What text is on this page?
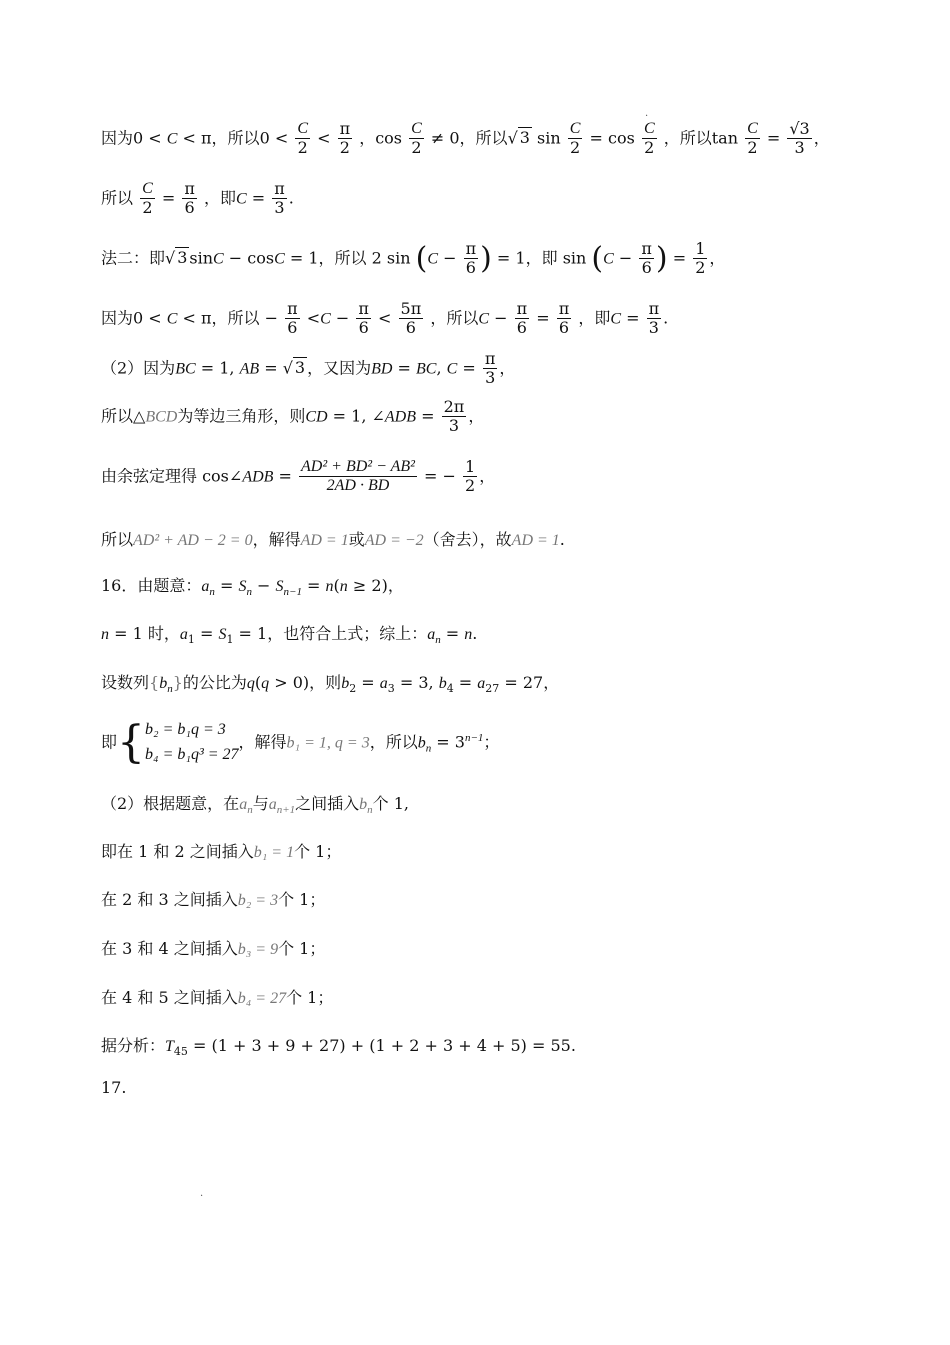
.
因为0 < C < π，所以$0 < \frac{C}{2} < \frac{\pi}{2}$ ，$\cos \frac{C}{2} \ne 0$，所以√ 3 $\sin \frac{C}{2} = \cos \frac{C}{2}$ ，所以$\tan \frac{C}{2} = \frac{√3}{3}$ ，
所以 $\frac{C}{2} = \frac{\pi}{6}$ ，即$C = \frac{\pi}{3}$ .
法二：即√ 3 sinC − cosC = 1，所以 2 $\sin (C - \frac{\pi}{6}$ ) = 1，即 $\sin (C - \frac{\pi}{6}$ ) = $\frac{1}{2}$ ，
因为0 < C < π，所以 − $\frac{\pi}{6} <C - \frac{\pi}{6} < \frac{5\pi}{6}$ ，所以$C - \frac{\pi}{6} = \frac{\pi}{6}$ ，即$C = \frac{\pi}{3}$ .
（2）因为BC = 1, AB = √ 3 ，又因为BD = BC, $C = \frac{\pi}{3}$ ，
所以△BCD为等边三角形，则CD = 1, ∠ADB = $\frac{2\pi}{3}$ ，
由余弦定理得 cos∠ADB = $\frac{\text{AD² + BD² − AB²}}{2AD \cdot BD}$ = − $\frac{1}{2}$ ，
所以AD² + AD − 2 = 0，解得AD = 1或AD = −2（舍去），故AD = 1.
16．由题意：$a_n = S_n - S_{n-1} = n(n \ge 2)$，
n = 1 时，$a_1 = S_1 = 1$，也符合上式；综上：$a_n = n$.
设数列$\{b_n\}$的公比为q(q > 0)，则$b_2 = a_3 = 3$, $b_4 = a_{27} = 27$，
即{ b₂ = b₁q = 3
b₄ = b₁q³ = 27
，解得b₁ = 1, q = 3，所以$b_n = 3^{n-1}$；
（2）根据题意，在$a_n$与$a_{n+1}$之间插入$b_n$个 1,
即在 1 和 2 之间插入b₁ = 1个 1；
在 2 和 3 之间插入b₂ = 3个 1；
在 3 和 4 之间插入b₃ = 9个 1；
在 4 和 5 之间插入b₄ = 27个 1；
据分析：$T_{45} = (1 + 3 + 9 + 27) + (1 + 2 + 3 + 4 + 5) = 55$.
17.
.
